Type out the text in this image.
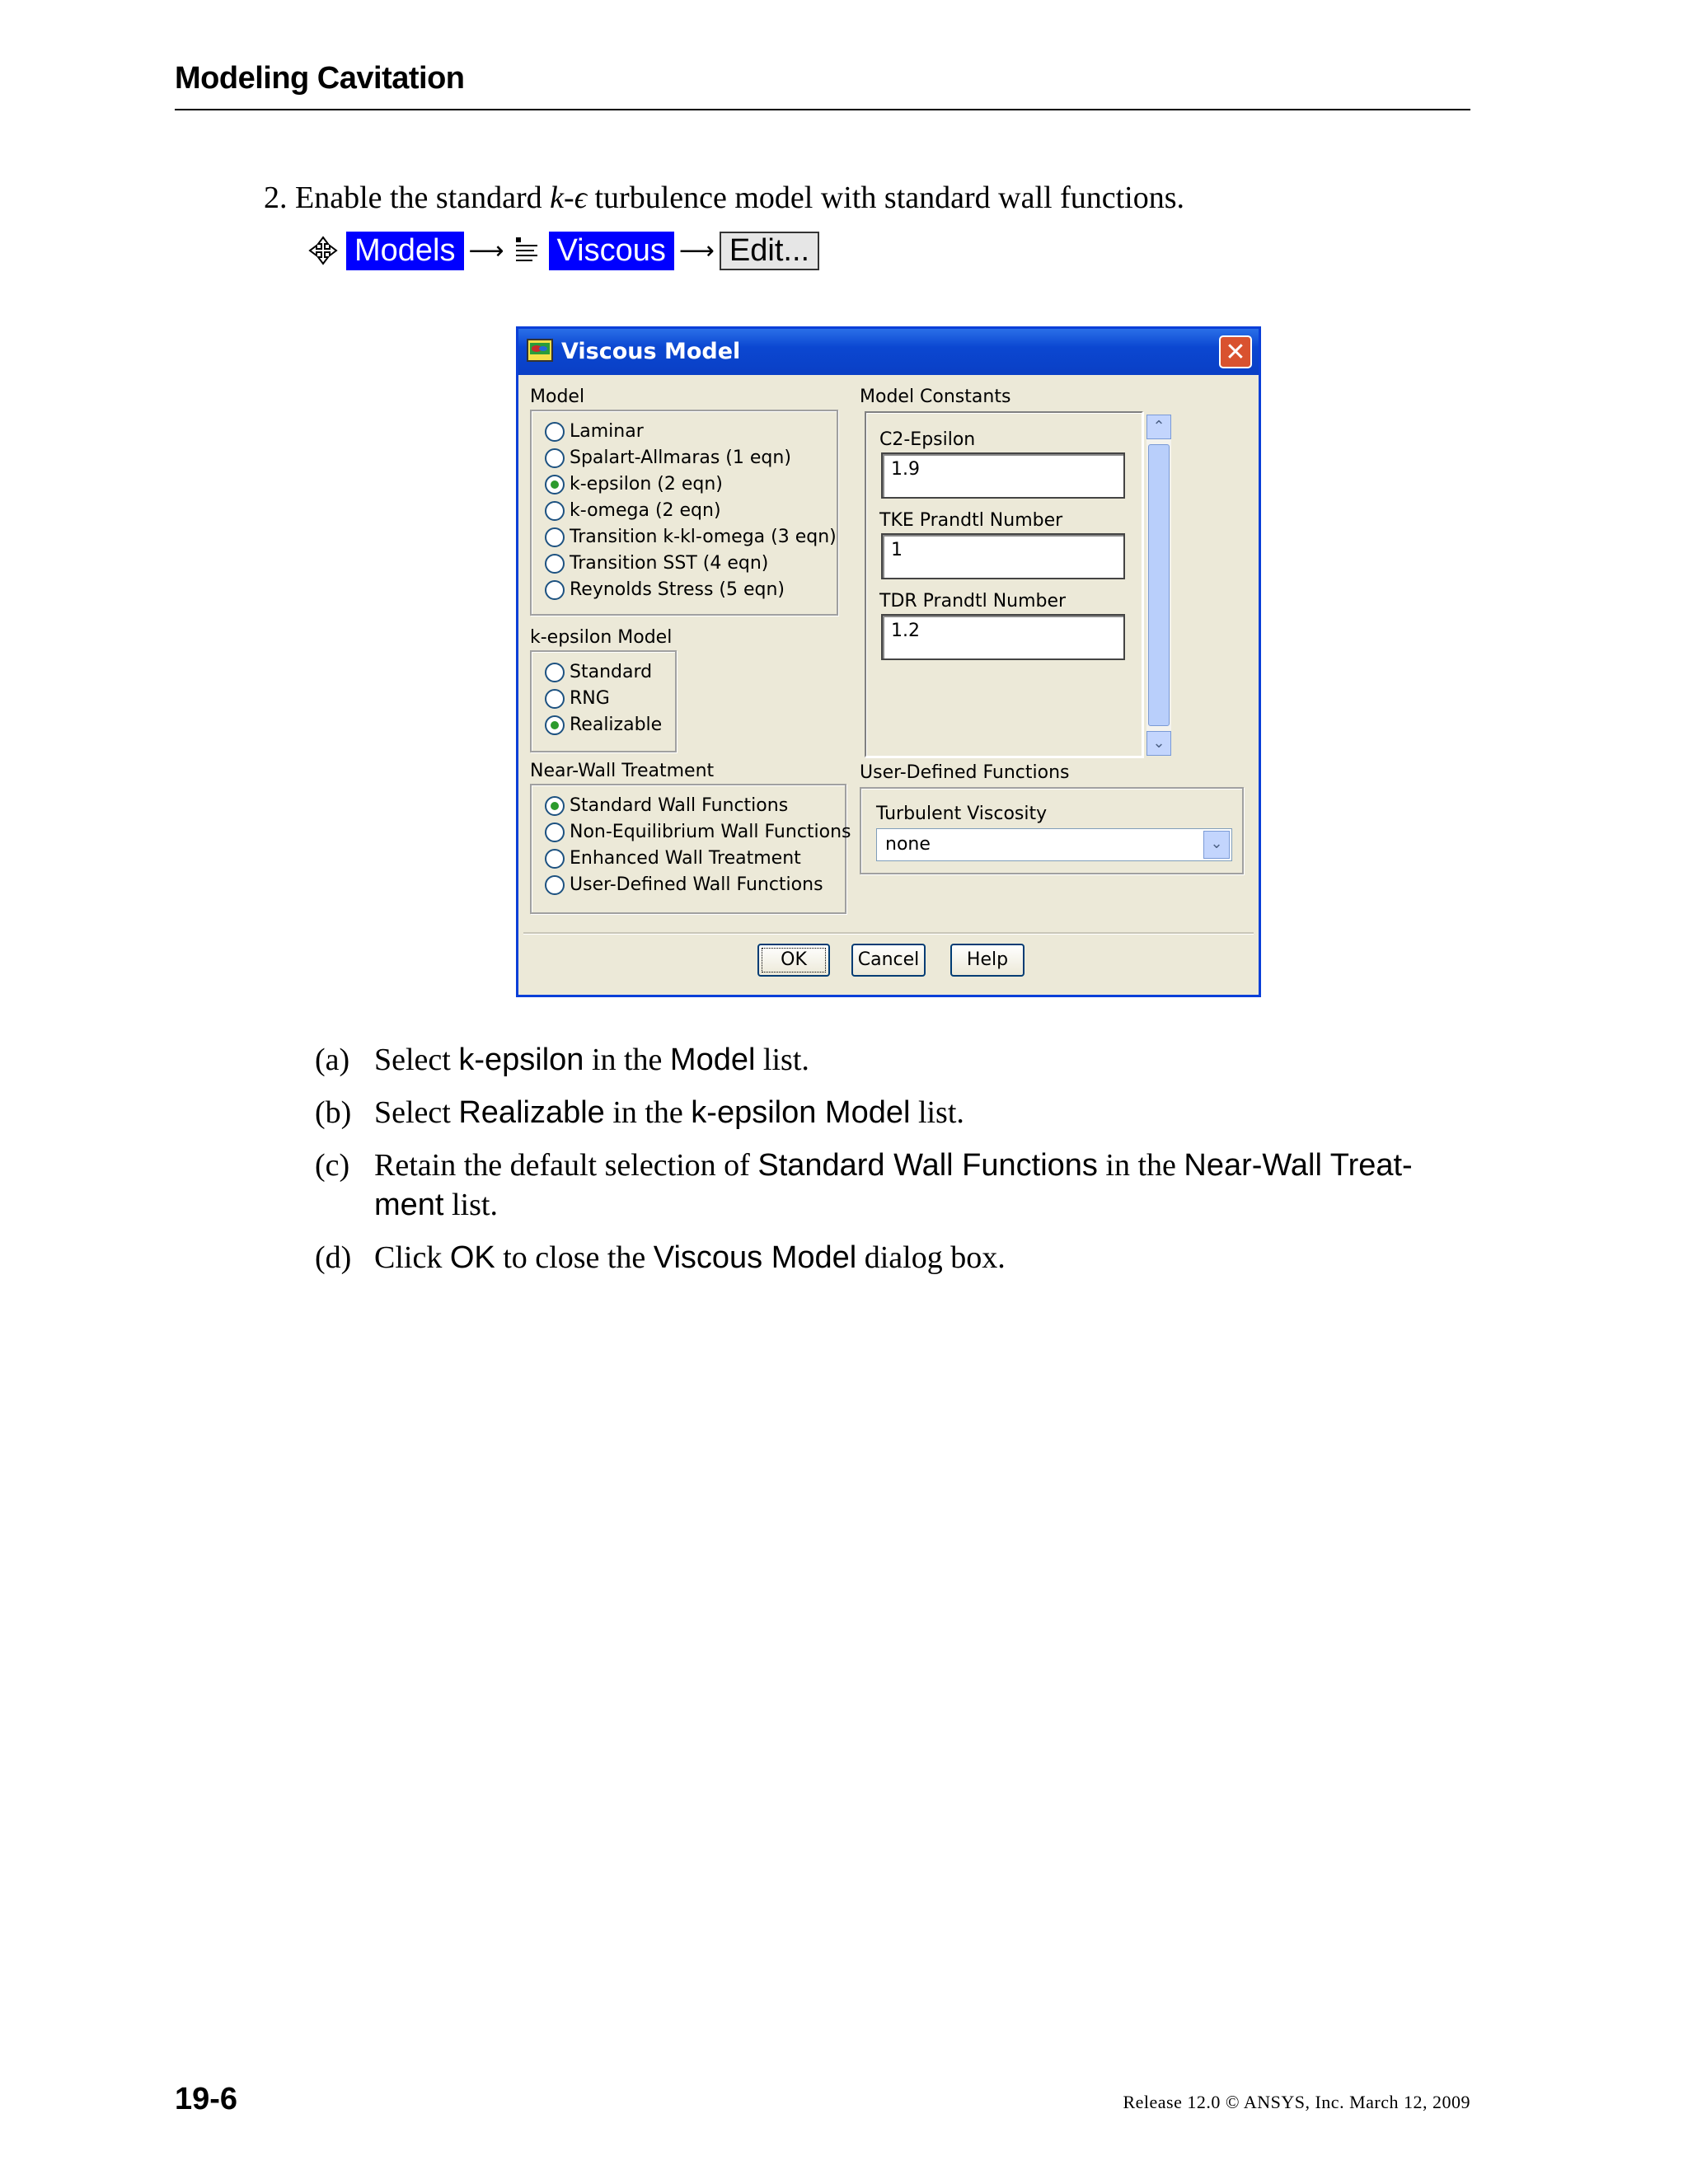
Modeling Cavitation
2. Enable the standard k-ϵ turbulence model with standard wall functions.
Models ⟶ Viscous ⟶ Edit...
Viscous Model	✕
Model
Laminar
Spalart-Allmaras (1 eqn)
k-epsilon (2 eqn)
k-omega (2 eqn)
Transition k-kl-omega (3 eqn)
Transition SST (4 eqn)
Reynolds Stress (5 eqn)
k-epsilon Model
Standard
RNG
Realizable
Near-Wall Treatment
Standard Wall Functions
Non-Equilibrium Wall Functions
Enhanced Wall Treatment
User-Defined Wall Functions
Model Constants
C2-Epsilon
1.9
TKE Prandtl Number
1
TDR Prandtl Number
1.2
⌃
⌄
User-Defined Functions
Turbulent Viscosity
none	⌄
OK	Cancel	Help
(a) Select k-epsilon in the Model list.
(b) Select Realizable in the k-epsilon Model list.
(c) Retain the default selection of Standard Wall Functions in the Near-Wall Treat-
ment list.
(d) Click OK to close the Viscous Model dialog box.
19-6	Release 12.0 © ANSYS, Inc. March 12, 2009
